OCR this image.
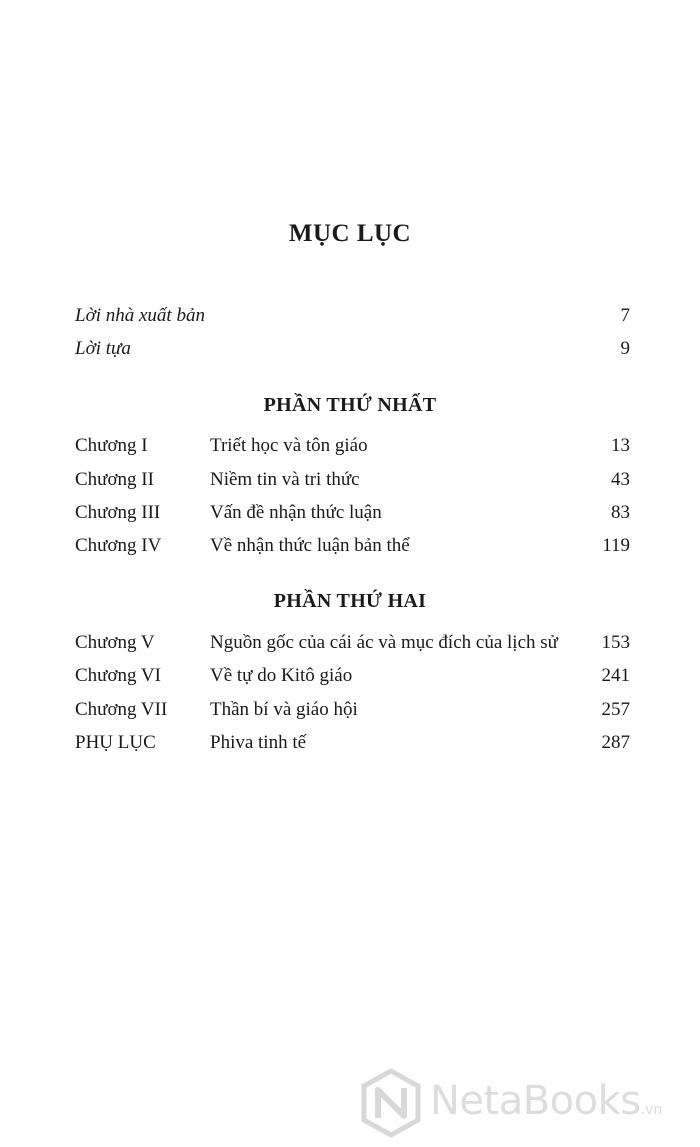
MỤC LỤC
Lời nhà xuất bản	7
Lời tựa	9
PHẦN THỨ NHẤT
Chương I	Triết học và tôn giáo	13
Chương II	Niềm tin và tri thức	43
Chương III	Vấn đề nhận thức luận	83
Chương IV	Về nhận thức luận bản thể	119
PHẦN THỨ HAI
Chương V	Nguồn gốc của cái ác và mục đích của lịch sử 153
Chương VI	Về tự do Kitô giáo	241
Chương VII Thần bí và giáo hội	257
PHỤ LỤC	Phiva tinh tế	287
NetaBooks.vn
